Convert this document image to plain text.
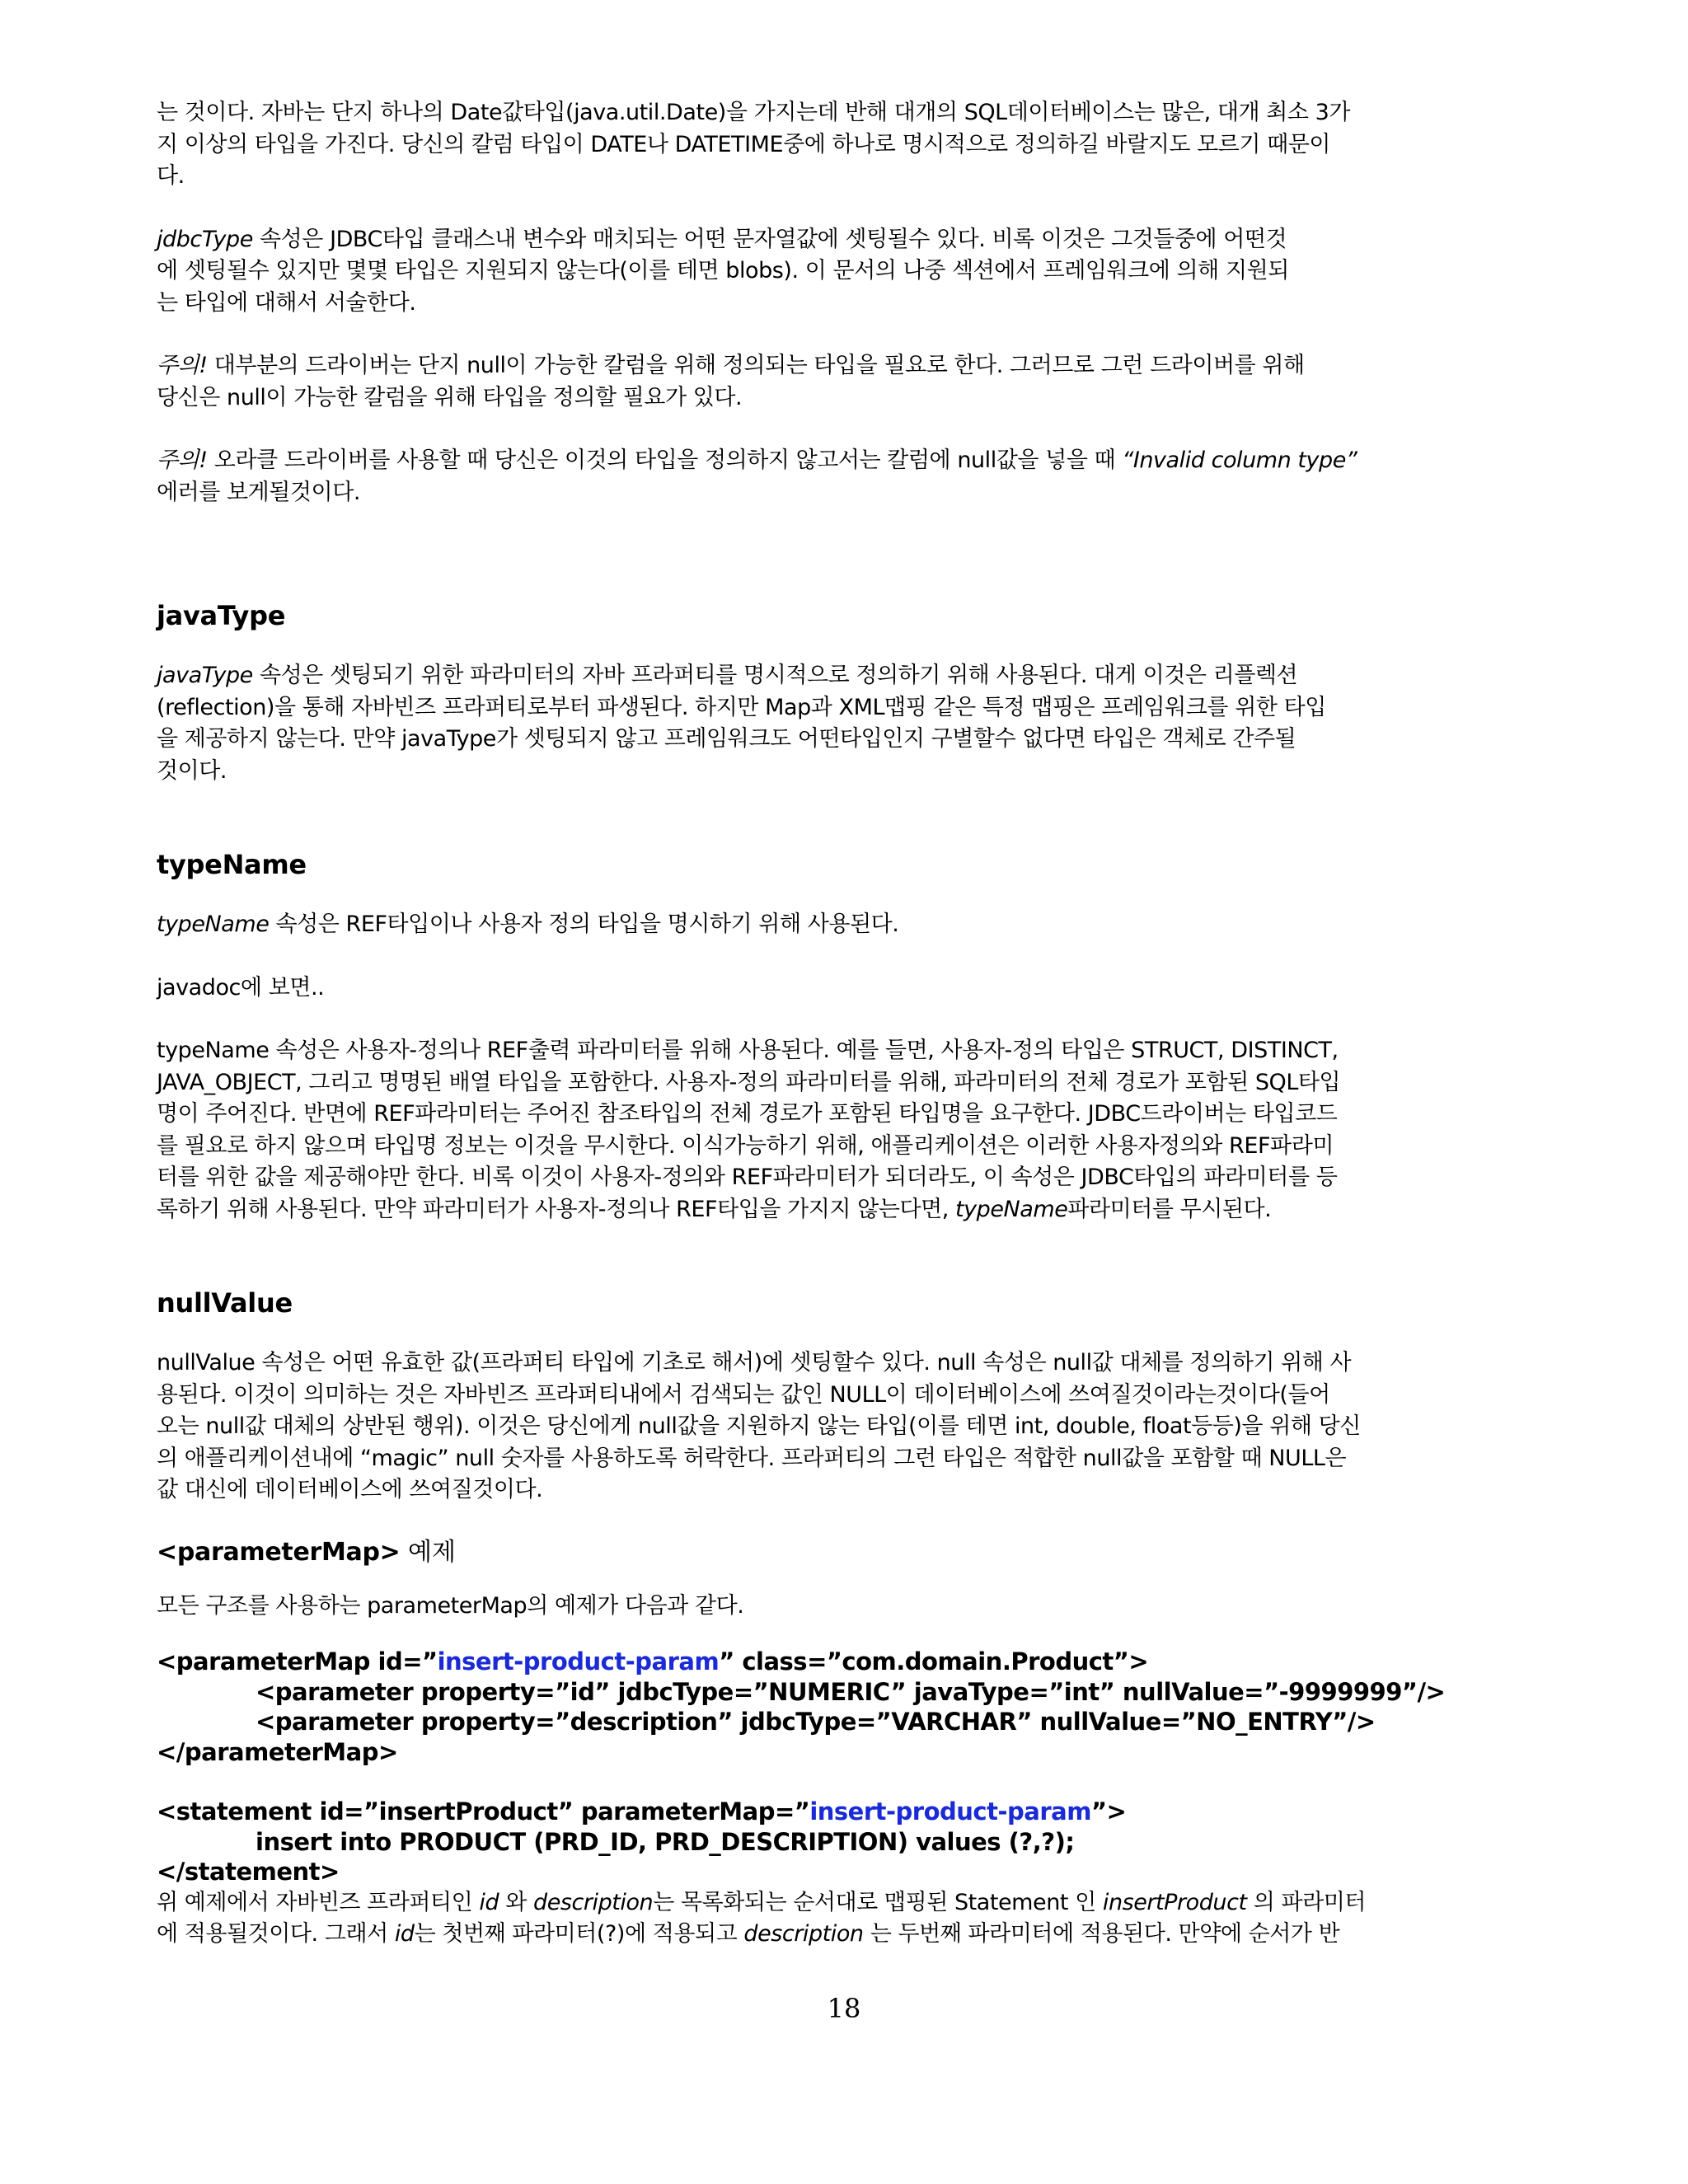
는 것이다. 자바는 단지 하나의 Date값타입(java.util.Date)을 가지는데 반해 대개의 SQL데이터베이스는 많은, 대개 최소 3가
지 이상의 타입을 가진다. 당신의 칼럼 타입이 DATE나 DATETIME중에 하나로 명시적으로 정의하길 바랄지도 모르기 때문이
다.

jdbcType 속성은 JDBC타입 클래스내 변수와 매치되는 어떤 문자열값에 셋팅될수 있다. 비록 이것은 그것들중에 어떤것
에 셋팅될수 있지만 몇몇 타입은 지원되지 않는다(이를 테면 blobs). 이 문서의 나중 섹션에서 프레임워크에 의해 지원되
는 타입에 대해서 서술한다.

주의! 대부분의 드라이버는 단지 null이 가능한 칼럼을 위해 정의되는 타입을 필요로 한다. 그러므로 그런 드라이버를 위해
당신은 null이 가능한 칼럼을 위해 타입을 정의할 필요가 있다.

주의! 오라클 드라이버를 사용할 때 당신은 이것의 타입을 정의하지 않고서는 칼럼에 null값을 넣을 때 “Invalid column type”
에러를 보게될것이다.

javaType

javaType 속성은 셋팅되기 위한 파라미터의 자바 프라퍼티를 명시적으로 정의하기 위해 사용된다. 대게 이것은 리플렉션
(reflection)을 통해 자바빈즈 프라퍼티로부터 파생된다. 하지만 Map과 XML맵핑 같은 특정 맵핑은 프레임워크를 위한 타입
을 제공하지 않는다. 만약 javaType가 셋팅되지 않고 프레임워크도 어떤타입인지 구별할수 없다면 타입은 객체로 간주될
것이다.

typeName

typeName 속성은 REF타입이나 사용자 정의 타입을 명시하기 위해 사용된다.

javadoc에 보면..

typeName 속성은 사용자-정의나 REF출력 파라미터를 위해 사용된다. 예를 들면, 사용자-정의 타입은 STRUCT, DISTINCT,
JAVA_OBJECT, 그리고 명명된 배열 타입을 포함한다. 사용자-정의 파라미터를 위해, 파라미터의 전체 경로가 포함된 SQL타입
명이 주어진다. 반면에 REF파라미터는 주어진 참조타입의 전체 경로가 포함된 타입명을 요구한다. JDBC드라이버는 타입코드
를 필요로 하지 않으며 타입명 정보는 이것을 무시한다. 이식가능하기 위해, 애플리케이션은 이러한 사용자정의와 REF파라미
터를 위한 값을 제공해야만 한다. 비록 이것이 사용자-정의와 REF파라미터가 되더라도, 이 속성은 JDBC타입의 파라미터를 등
록하기 위해 사용된다. 만약 파라미터가 사용자-정의나 REF타입을 가지지 않는다면, typeName파라미터를 무시된다.

nullValue

nullValue 속성은 어떤 유효한 값(프라퍼티 타입에 기초로 해서)에 셋팅할수 있다. null 속성은 null값 대체를 정의하기 위해 사
용된다. 이것이 의미하는 것은 자바빈즈 프라퍼티내에서 검색되는 값인 NULL이 데이터베이스에 쓰여질것이라는것이다(들어
오는 null값 대체의 상반된 행위). 이것은 당신에게 null값을 지원하지 않는 타입(이를 테면 int, double, float등등)을 위해 당신
의 애플리케이션내에 “magic” null 숫자를 사용하도록 허락한다. 프라퍼티의 그런 타입은 적합한 null값을 포함할 때 NULL은
값 대신에 데이터베이스에 쓰여질것이다.

<parameterMap> 예제

모든 구조를 사용하는 parameterMap의 예제가 다음과 같다.

<parameterMap id=”insert-product-param” class=”com.domain.Product”>
<parameter property=”id” jdbcType=”NUMERIC” javaType=”int” nullValue=”-9999999”/>
<parameter property=”description” jdbcType=”VARCHAR” nullValue=”NO_ENTRY”/>
</parameterMap>
<statement id=”insertProduct” parameterMap=”insert-product-param”>
insert into PRODUCT (PRD_ID, PRD_DESCRIPTION) values (?,?);
</statement>

위 예제에서 자바빈즈 프라퍼티인 id 와 description는 목록화되는 순서대로 맵핑된 Statement 인 insertProduct 의 파라미터
에 적용될것이다. 그래서 id는 첫번째 파라미터(?)에 적용되고 description 는 두번째 파라미터에 적용된다. 만약에 순서가 반

18
